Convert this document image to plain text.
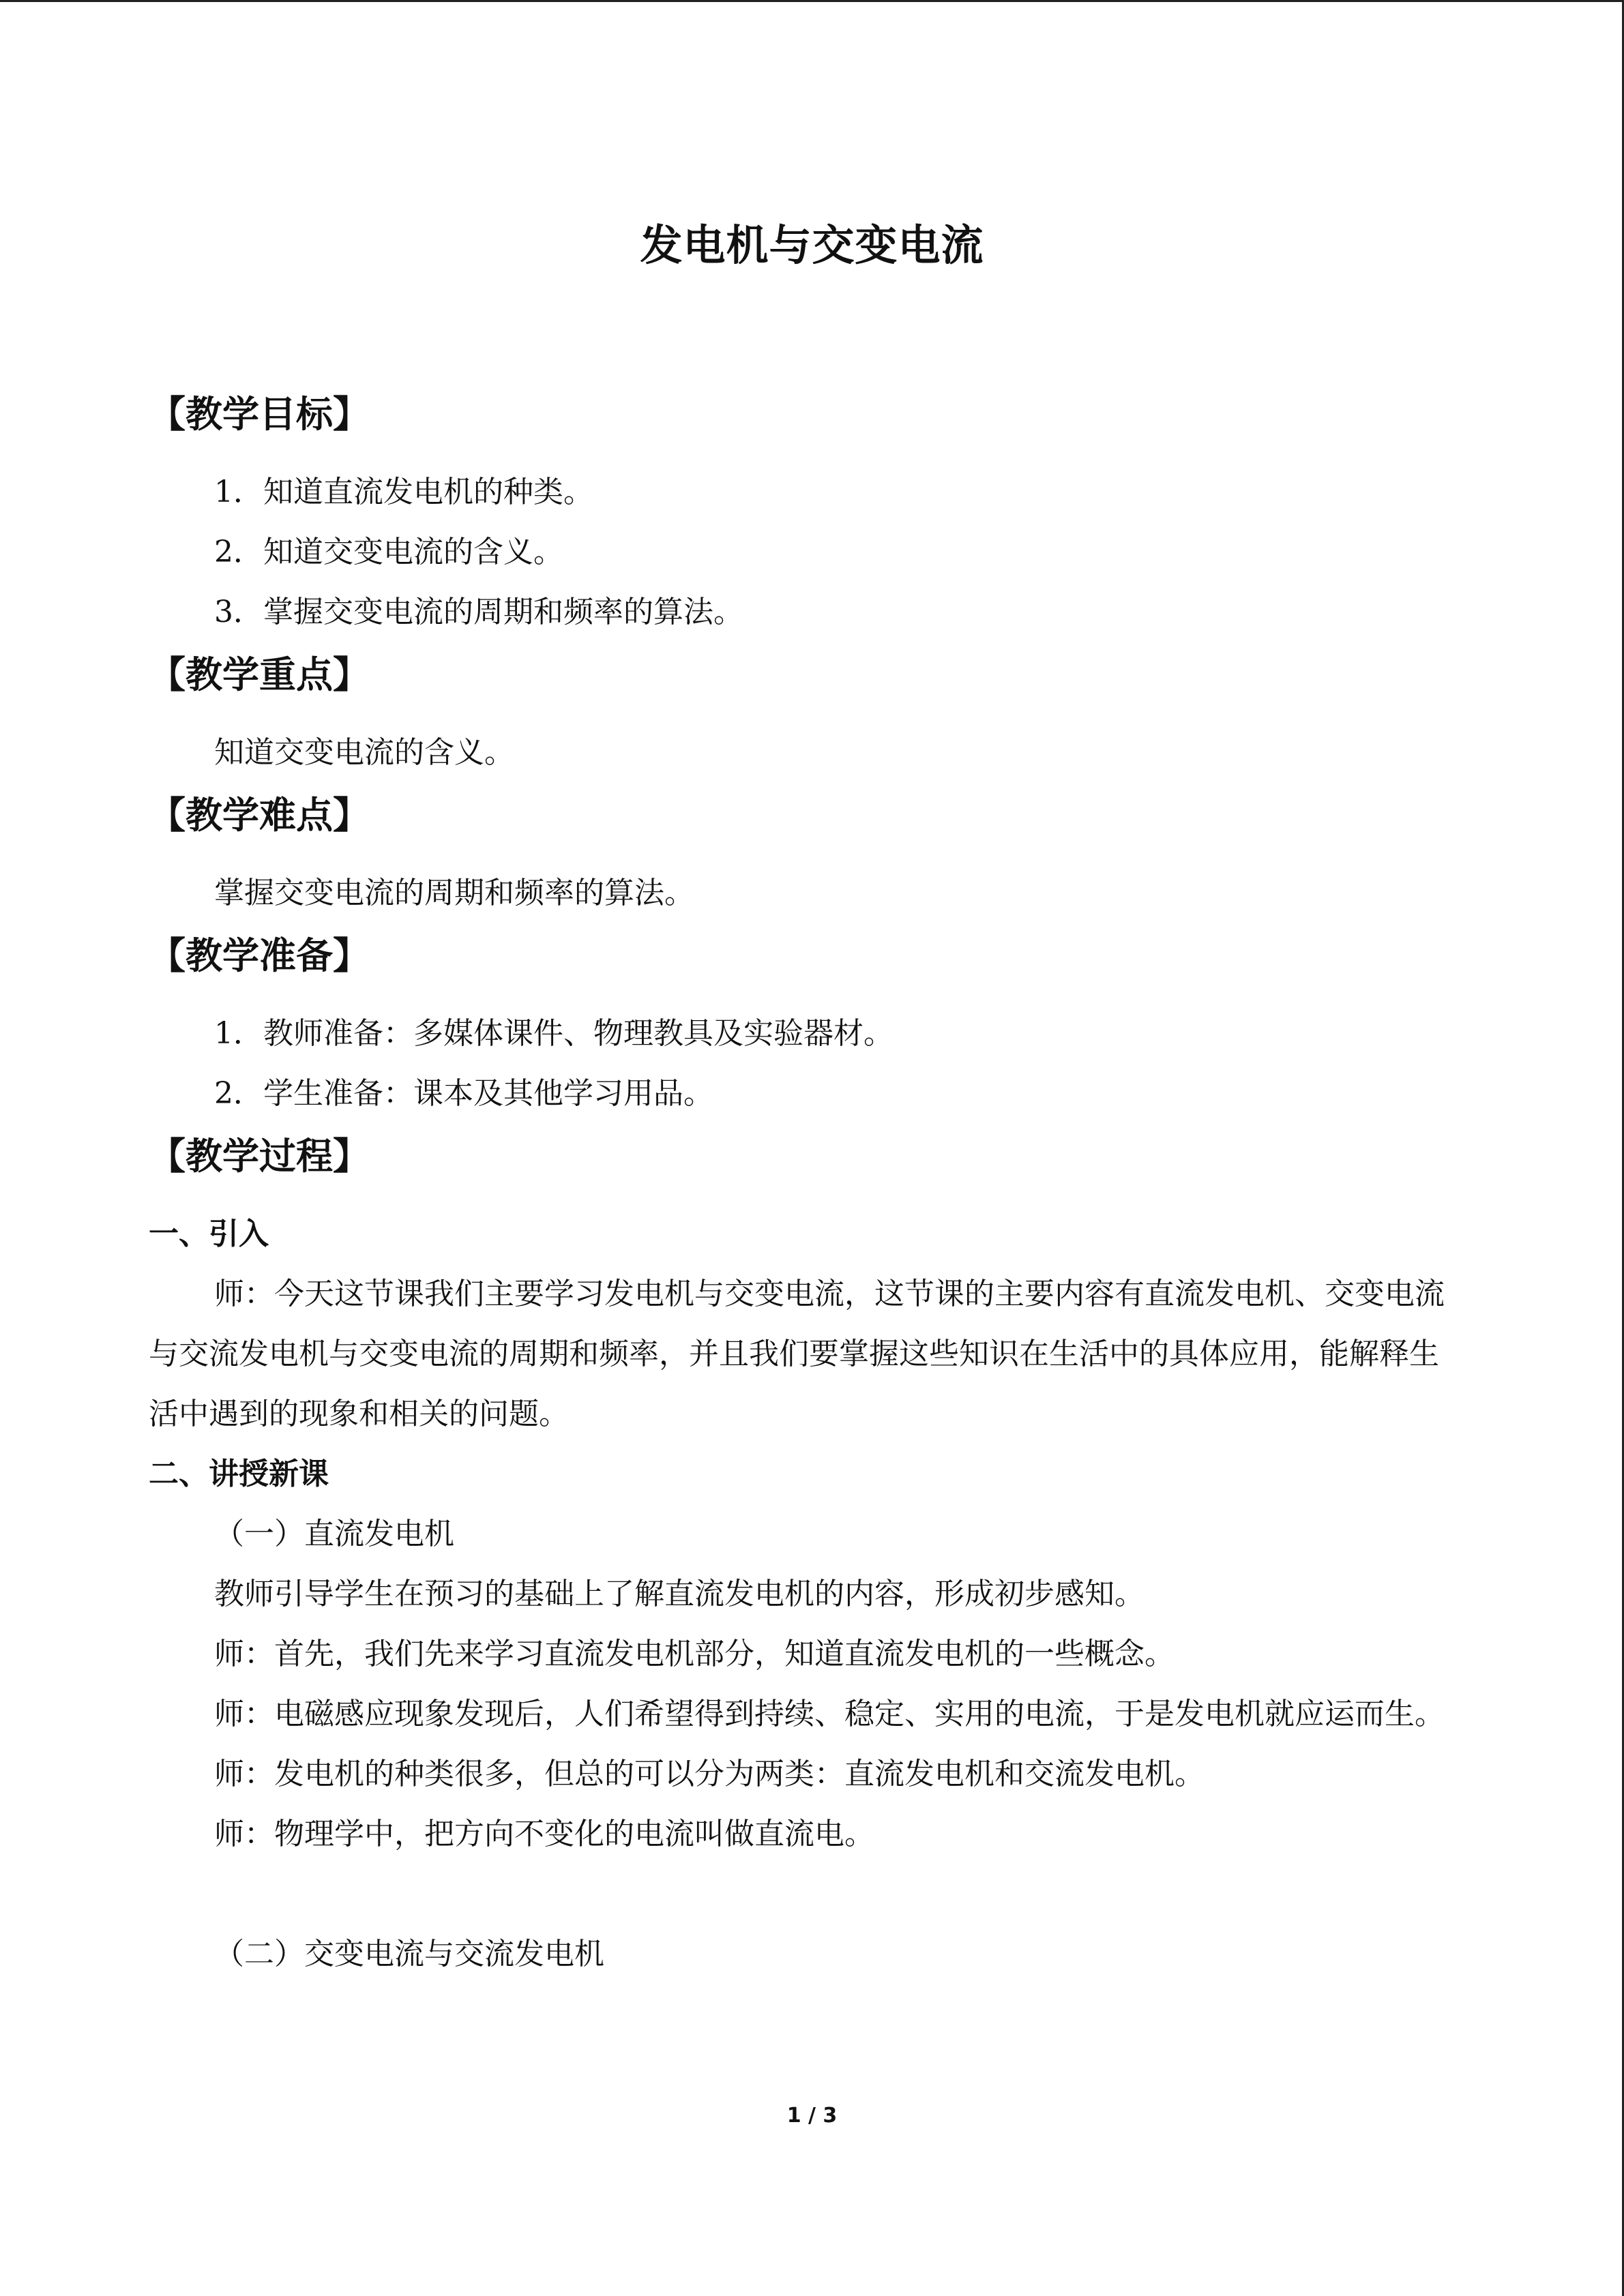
发电机与交变电流

【教学目标】

1．知道直流发电机的种类。

2．知道交变电流的含义。

3．掌握交变电流的周期和频率的算法。

【教学重点】

知道交变电流的含义。

【教学难点】

掌握交变电流的周期和频率的算法。

【教学准备】

1．教师准备：多媒体课件、物理教具及实验器材。

2．学生准备：课本及其他学习用品。

【教学过程】

一、引入

师：今天这节课我们主要学习发电机与交变电流，这节课的主要内容有直流发电机、交变电流与交流发电机与交变电流的周期和频率，并且我们要掌握这些知识在生活中的具体应用，能解释生活中遇到的现象和相关的问题。

二、讲授新课

（一）直流发电机

教师引导学生在预习的基础上了解直流发电机的内容，形成初步感知。

师：首先，我们先来学习直流发电机部分，知道直流发电机的一些概念。

师：电磁感应现象发现后，人们希望得到持续、稳定、实用的电流，于是发电机就应运而生。

师：发电机的种类很多，但总的可以分为两类：直流发电机和交流发电机。

师：物理学中，把方向不变化的电流叫做直流电。

（二）交变电流与交流发电机

1 / 3
